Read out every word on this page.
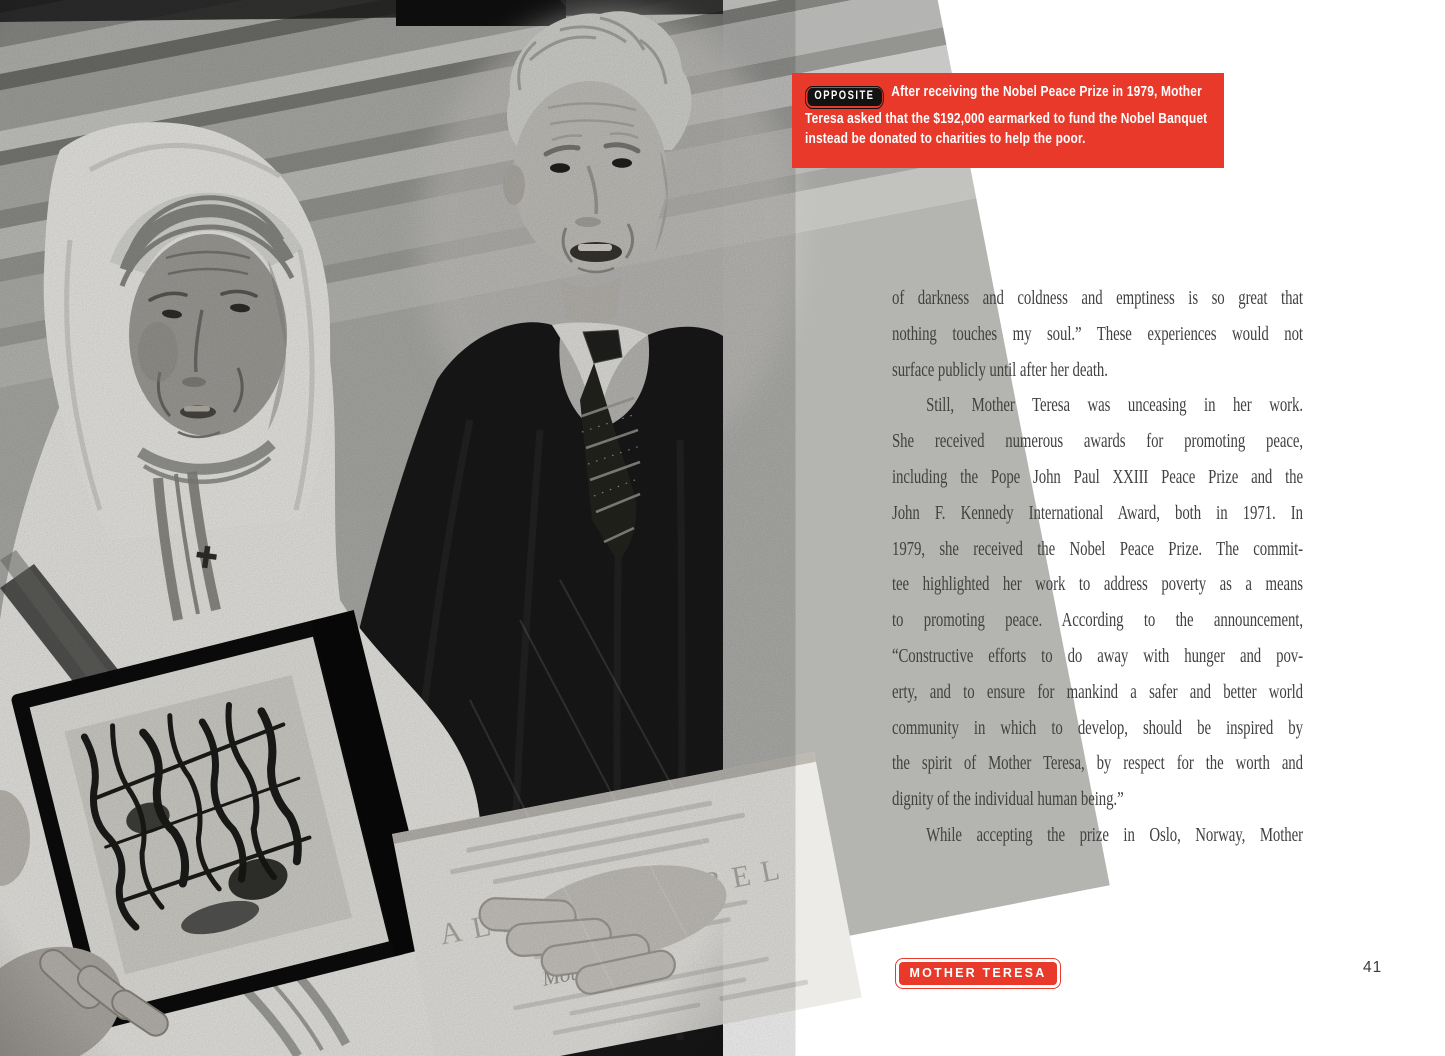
OPPOSITE After receiving the Nobel Peace Prize in 1979, Mother Teresa asked that the $192,000 earmarked to fund the Nobel Banquet instead be donated to charities to help the poor.
of darkness and coldness and emptiness is so great that
nothing touches my soul.” These experiences would not
surface publicly until after her death.
Still, Mother Teresa was unceasing in her work.
She received numerous awards for promoting peace,
including the Pope John Paul XXIII Peace Prize and the
John F. Kennedy International Award, both in 1971. In
1979, she received the Nobel Peace Prize. The commit-
tee highlighted her work to address poverty as a means
to promoting peace. According to the announcement,
“Constructive efforts to do away with hunger and pov-
erty, and to ensure for mankind a safer and better world
community in which to develop, should be inspired by
the spirit of Mother Teresa, by respect for the worth and
dignity of the individual human being.”
While accepting the prize in Oslo, Norway, Mother
MOTHER TERESA	41
